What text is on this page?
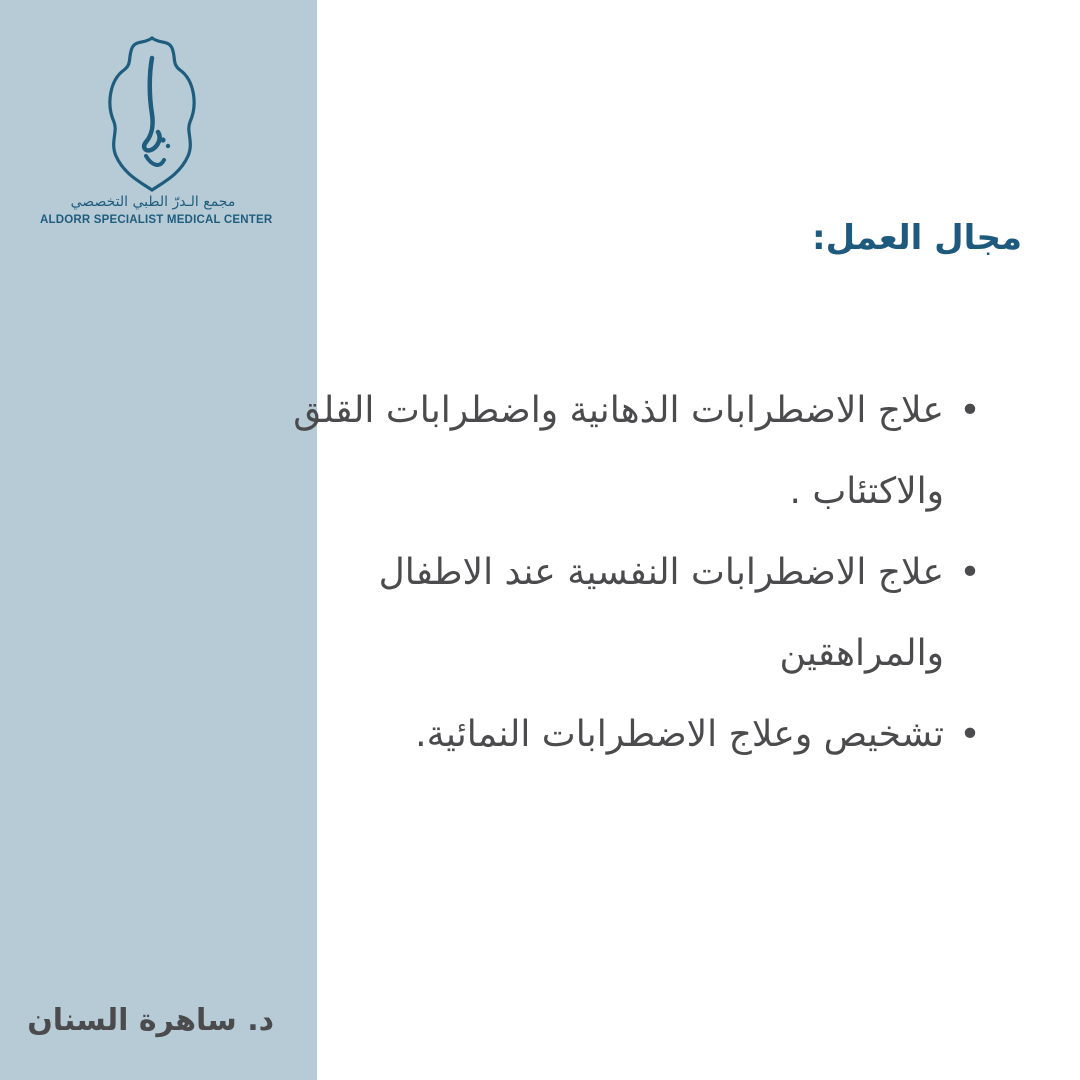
مجمع الـدرّ الطبي التخصصي
ALDORR SPECIALIST MEDICAL CENTER	مجال العمل:
•
علاج الاضطرابات الذهانية واضطرابات القلق
والاكتئاب .
•
علاج الاضطرابات النفسية عند الاطفال
والمراهقين
•
تشخيص وعلاج الاضطرابات النمائية.
د. ساهرة السنان
